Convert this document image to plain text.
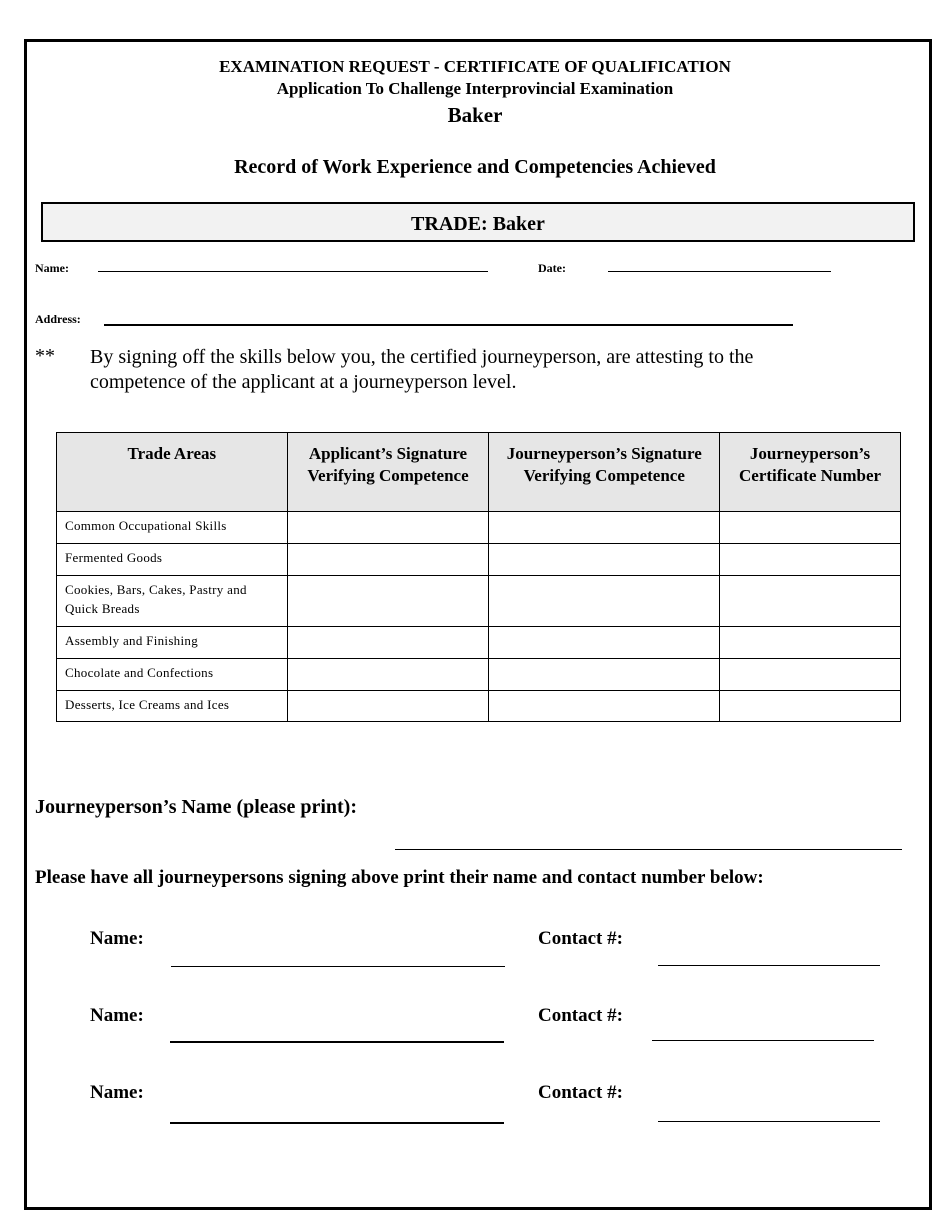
EXAMINATION REQUEST - CERTIFICATE OF QUALIFICATION
Application To Challenge Interprovincial Examination
Baker
Record of Work Experience and Competencies Achieved
TRADE: Baker
Name:	Date:
Address:
** By signing off the skills below you, the certified journeyperson, are attesting to the competence of the applicant at a journeyperson level.
Trade Areas	Applicant’s Signature Verifying Competence	Journeyperson’s Signature Verifying Competence	Journeyperson’s Certificate Number
Common Occupational Skills			
Fermented Goods			
Cookies, Bars, Cakes, Pastry and Quick Breads			
Assembly and Finishing			
Chocolate and Confections			
Desserts, Ice Creams and Ices			
Journeyperson’s Name (please print):
Please have all journeypersons signing above print their name and contact number below:
Name:	Contact #:
Name:	Contact #:
Name:	Contact #:
